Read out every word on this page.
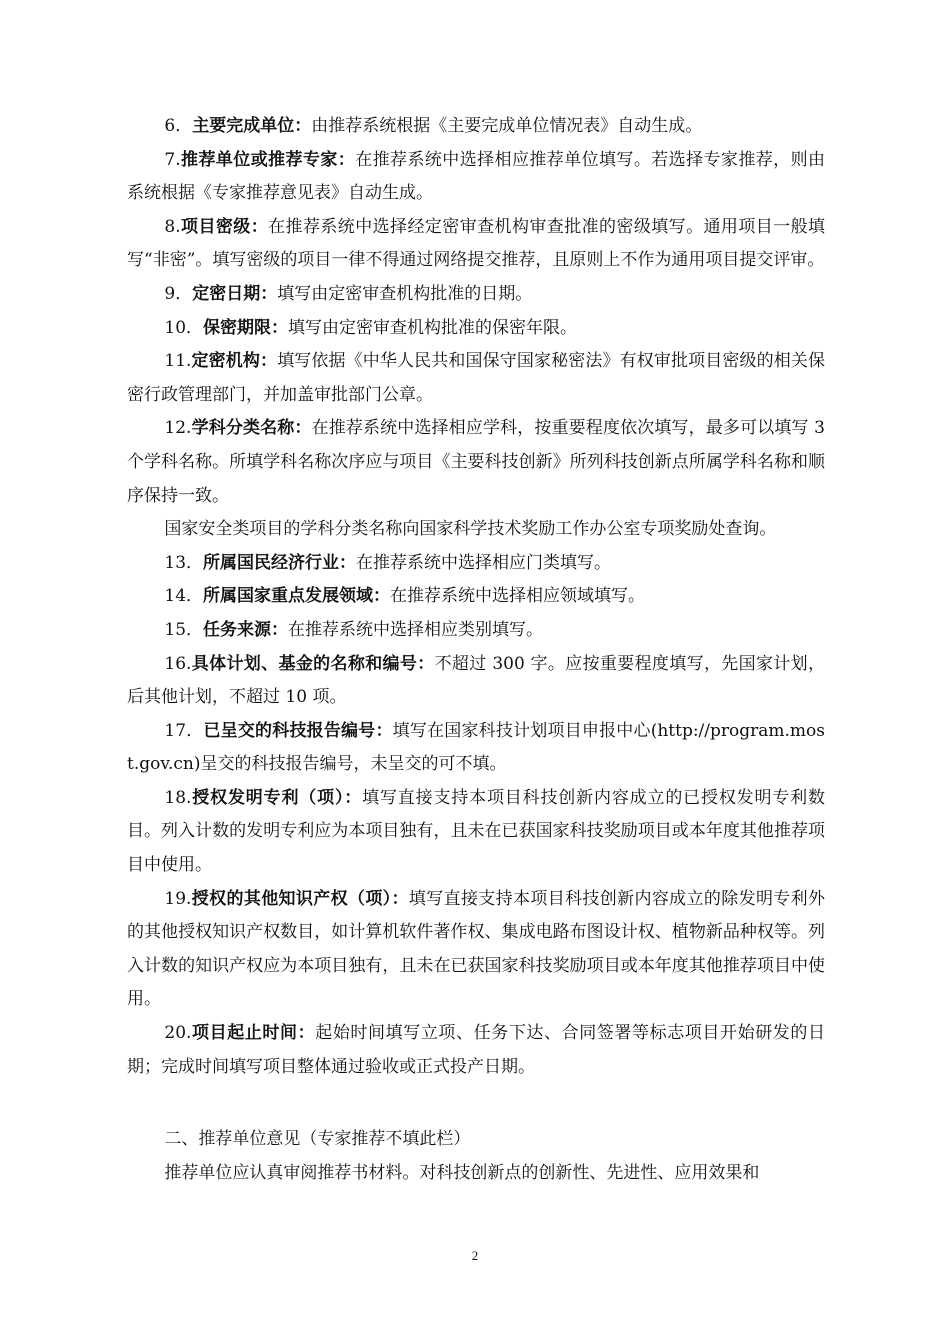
6．主要完成单位：由推荐系统根据《主要完成单位情况表》自动生成。

7.推荐单位或推荐专家：在推荐系统中选择相应推荐单位填写。若选择专家推荐，则由系统根据《专家推荐意见表》自动生成。

8.项目密级：在推荐系统中选择经定密审查机构审查批准的密级填写。通用项目一般填写“非密”。填写密级的项目一律不得通过网络提交推荐，且原则上不作为通用项目提交评审。

9．定密日期：填写由定密审查机构批准的日期。

10．保密期限：填写由定密审查机构批准的保密年限。

11.定密机构：填写依据《中华人民共和国保守国家秘密法》有权审批项目密级的相关保密行政管理部门，并加盖审批部门公章。

12.学科分类名称：在推荐系统中选择相应学科，按重要程度依次填写，最多可以填写 3 个学科名称。所填学科名称次序应与项目《主要科技创新》所列科技创新点所属学科名称和顺序保持一致。

国家安全类项目的学科分类名称向国家科学技术奖励工作办公室专项奖励处查询。

13．所属国民经济行业：在推荐系统中选择相应门类填写。

14．所属国家重点发展领域：在推荐系统中选择相应领域填写。

15．任务来源：在推荐系统中选择相应类别填写。

16.具体计划、基金的名称和编号：不超过 300 字。应按重要程度填写，先国家计划，后其他计划，不超过 10 项。

17．已呈交的科技报告编号：填写在国家科技计划项目申报中心(http://program.most.gov.cn)呈交的科技报告编号，未呈交的可不填。

18.授权发明专利（项）：填写直接支持本项目科技创新内容成立的已授权发明专利数目。列入计数的发明专利应为本项目独有，且未在已获国家科技奖励项目或本年度其他推荐项目中使用。

19.授权的其他知识产权（项）：填写直接支持本项目科技创新内容成立的除发明专利外的其他授权知识产权数目，如计算机软件著作权、集成电路布图设计权、植物新品种权等。列入计数的知识产权应为本项目独有，且未在已获国家科技奖励项目或本年度其他推荐项目中使用。

20.项目起止时间：起始时间填写立项、任务下达、合同签署等标志项目开始研发的日期；完成时间填写项目整体通过验收或正式投产日期。

二、推荐单位意见（专家推荐不填此栏）

推荐单位应认真审阅推荐书材料。对科技创新点的创新性、先进性、应用效果和

2
